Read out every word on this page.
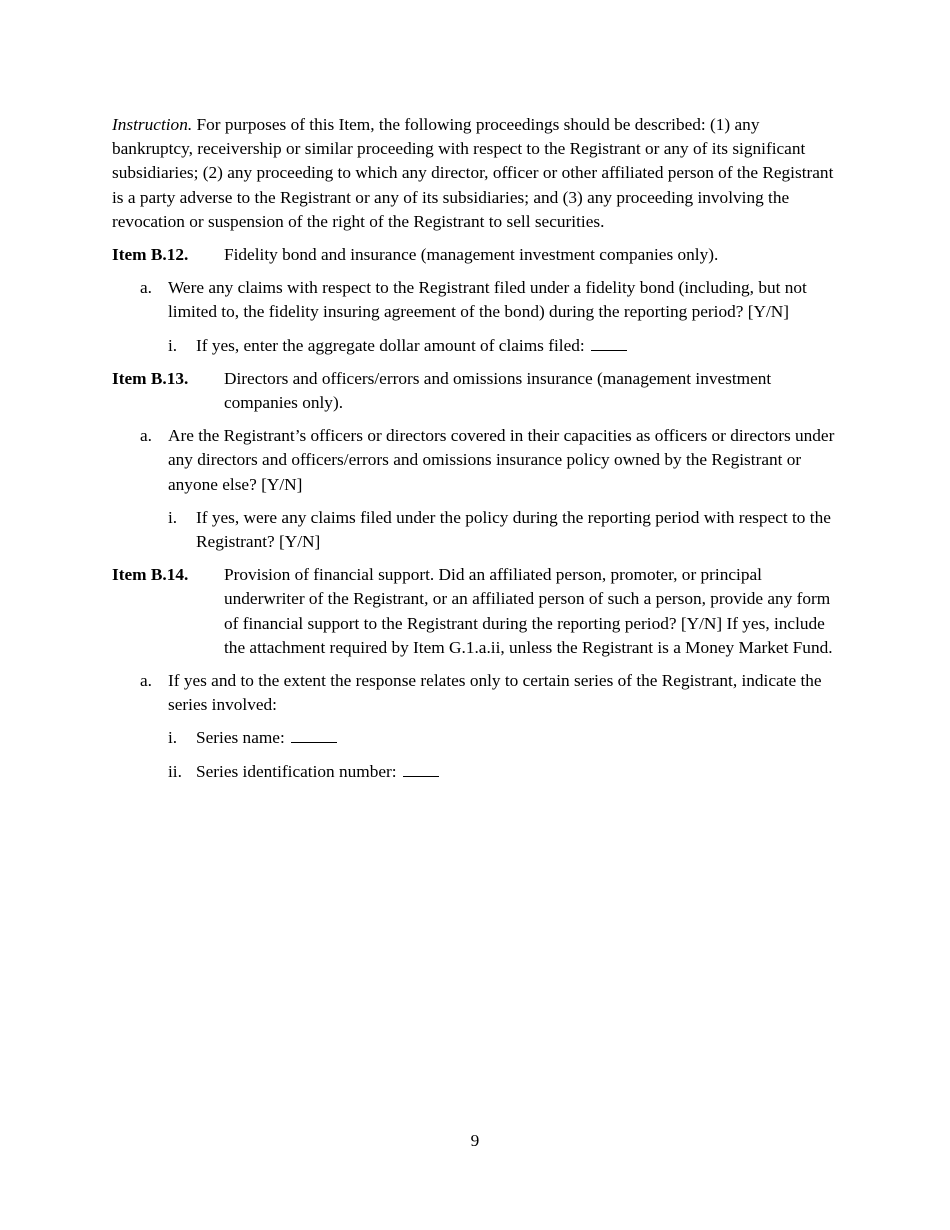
Instruction. For purposes of this Item, the following proceedings should be described: (1) any bankruptcy, receivership or similar proceeding with respect to the Registrant or any of its significant subsidiaries; (2) any proceeding to which any director, officer or other affiliated person of the Registrant is a party adverse to the Registrant or any of its subsidiaries; and (3) any proceeding involving the revocation or suspension of the right of the Registrant to sell securities.

Item B.12.	Fidelity bond and insurance (management investment companies only).
a. Were any claims with respect to the Registrant filed under a fidelity bond (including, but not limited to, the fidelity insuring agreement of the bond) during the reporting period? [Y/N]
i.	If yes, enter the aggregate dollar amount of claims filed:
Item B.13.	Directors and officers/errors and omissions insurance (management investment companies only).
a. Are the Registrant’s officers or directors covered in their capacities as officers or directors under any directors and officers/errors and omissions insurance policy owned by the Registrant or anyone else? [Y/N]
i.	If yes, were any claims filed under the policy during the reporting period with respect to the Registrant? [Y/N]
Item B.14.	Provision of financial support. Did an affiliated person, promoter, or principal underwriter of the Registrant, or an affiliated person of such a person, provide any form of financial support to the Registrant during the reporting period? [Y/N] If yes, include the attachment required by Item G.1.a.ii, unless the Registrant is a Money Market Fund.
a. If yes and to the extent the response relates only to certain series of the Registrant, indicate the series involved:
i.	Series name:
ii. Series identification number:
9
